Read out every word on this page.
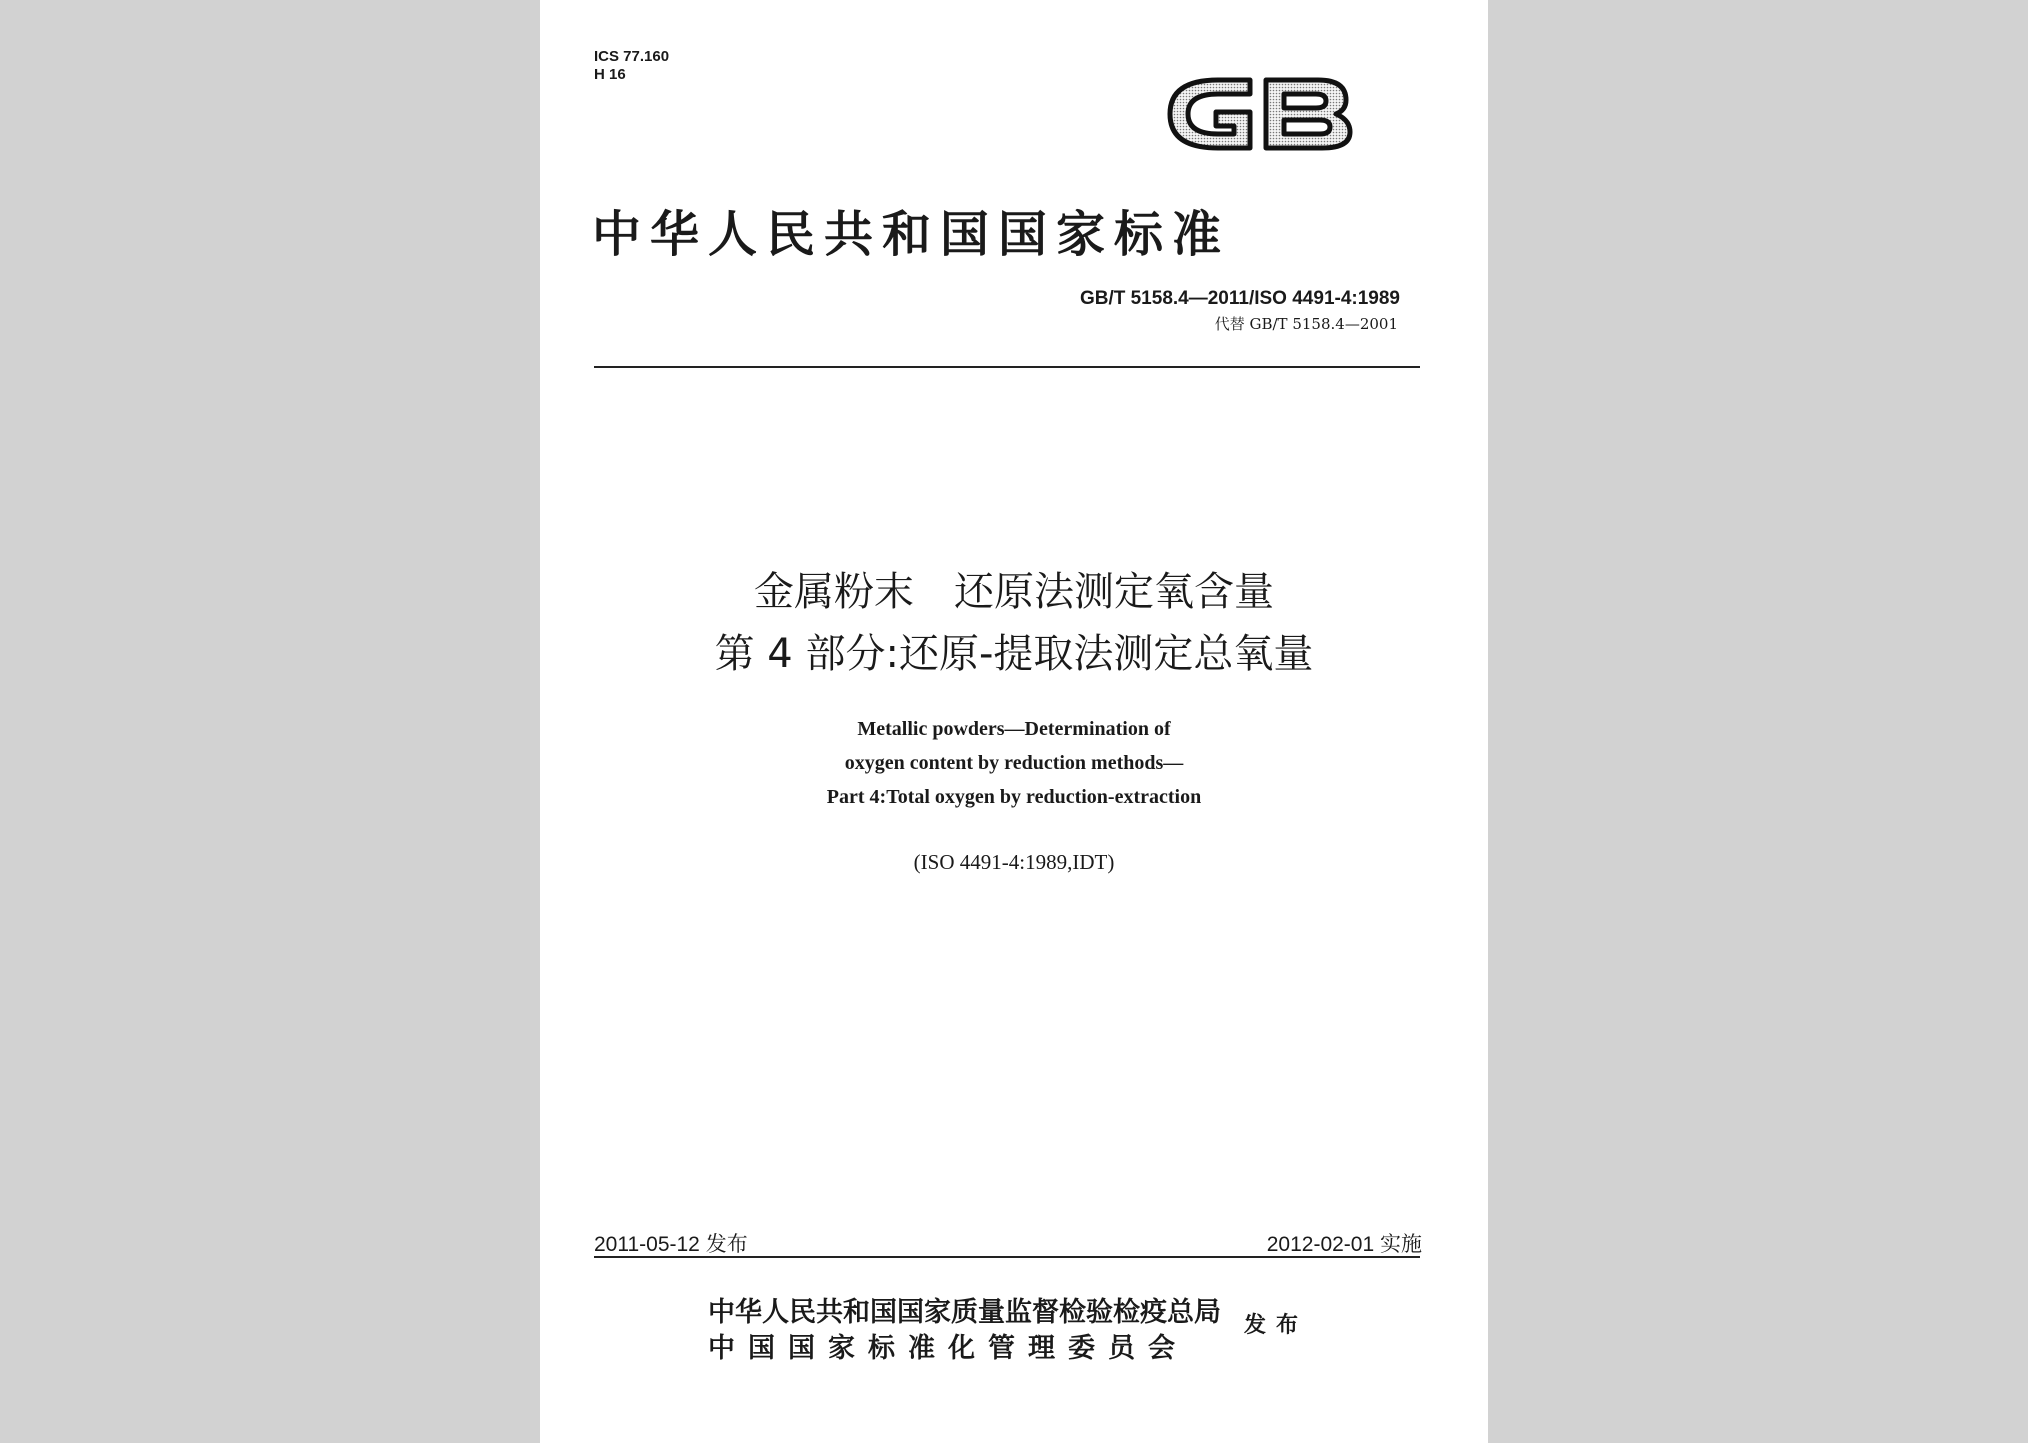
ICS 77.160
H 16
中华人民共和国国家标准
GB/T 5158.4—2011/ISO 4491-4:1989
代替 GB/T 5158.4—2001
金属粉末　还原法测定氧含量
第 4 部分:还原-提取法测定总氧量
Metallic powders—Determination of
oxygen content by reduction methods—
Part 4:Total oxygen by reduction-extraction
(ISO 4491-4:1989,IDT)
2011-05-12 发布	2012-02-01 实施
中华人民共和国国家质量监督检验检疫总局
中国国家标准化管理委员会
发布
